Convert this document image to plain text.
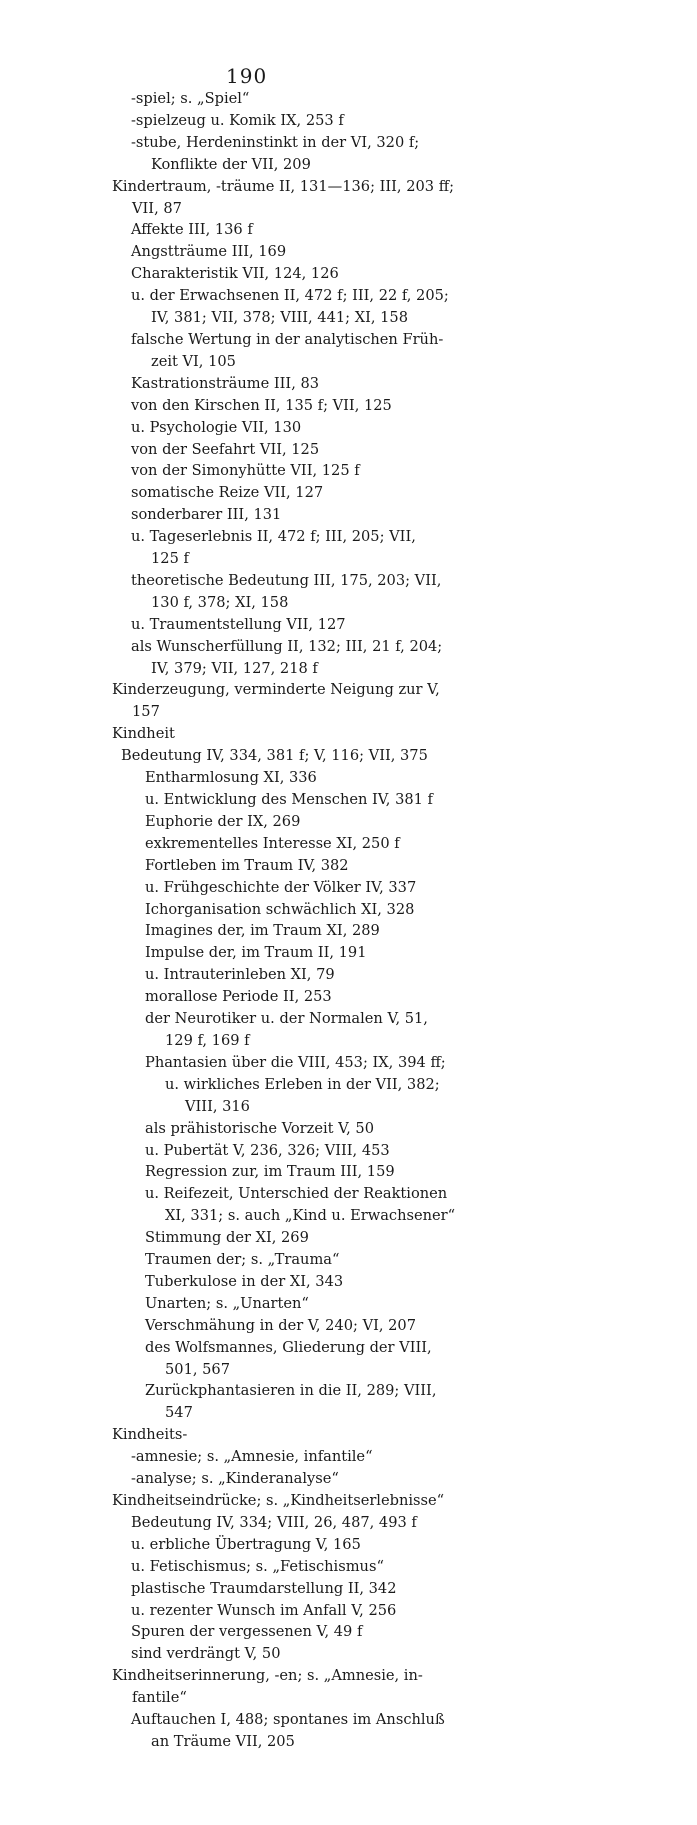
190
-spiel; s. „Spiel“
-spielzeug u. Komik IX, 253 f
-stube, Herdeninstinkt in der VI, 320 f;
Konflikte der VII, 209
Kindertraum, -träume II, 131—136; III, 203 ff;
VII, 87
Affekte III, 136 f
Angstträume III, 169
Charakteristik VII, 124, 126
u. der Erwachsenen II, 472 f; III, 22 f, 205;
IV, 381; VII, 378; VIII, 441; XI, 158
falsche Wertung in der analytischen Früh-
zeit VI, 105
Kastrationsträume III, 83
von den Kirschen II, 135 f; VII, 125
u. Psychologie VII, 130
von der Seefahrt VII, 125
von der Simonyhütte VII, 125 f
somatische Reize VII, 127
sonderbarer III, 131
u. Tageserlebnis II, 472 f; III, 205; VII,
125 f
theoretische Bedeutung III, 175, 203; VII,
130 f, 378; XI, 158
u. Traumentstellung VII, 127
als Wunscherfüllung II, 132; III, 21 f, 204;
IV, 379; VII, 127, 218 f
Kinderzeugung, verminderte Neigung zur V,
157
Kindheit
Bedeutung IV, 334, 381 f; V, 116; VII, 375
Entharmlosung XI, 336
u. Entwicklung des Menschen IV, 381 f
Euphorie der IX, 269
exkrementelles Interesse XI, 250 f
Fortleben im Traum IV, 382
u. Frühgeschichte der Völker IV, 337
Ichorganisation schwächlich XI, 328
Imagines der, im Traum XI, 289
Impulse der, im Traum II, 191
u. Intrauterinleben XI, 79
morallose Periode II, 253
der Neurotiker u. der Normalen V, 51,
129 f, 169 f
Phantasien über die VIII, 453; IX, 394 ff;
u. wirkliches Erleben in der VII, 382;
VIII, 316
als prähistorische Vorzeit V, 50
u. Pubertät V, 236, 326; VIII, 453
Regression zur, im Traum III, 159
u. Reifezeit, Unterschied der Reaktionen
XI, 331; s. auch „Kind u. Erwachsener“
Stimmung der XI, 269
Traumen der; s. „Trauma“
Tuberkulose in der XI, 343
Unarten; s. „Unarten“
Verschmähung in der V, 240; VI, 207
des Wolfsmannes, Gliederung der VIII,
501, 567
Zurückphantasieren in die II, 289; VIII,
547
Kindheits-
-amnesie; s. „Amnesie, infantile“
-analyse; s. „Kinderanalyse“
Kindheitseindrücke; s. „Kindheitserlebnisse“
Bedeutung IV, 334; VIII, 26, 487, 493 f
u. erbliche Übertragung V, 165
u. Fetischismus; s. „Fetischismus“
plastische Traumdarstellung II, 342
u. rezenter Wunsch im Anfall V, 256
Spuren der vergessenen V, 49 f
sind verdrängt V, 50
Kindheitserinnerung, -en; s. „Amnesie, in-
fantile“
Auftauchen I, 488; spontanes im Anschluß
an Träume VII, 205
